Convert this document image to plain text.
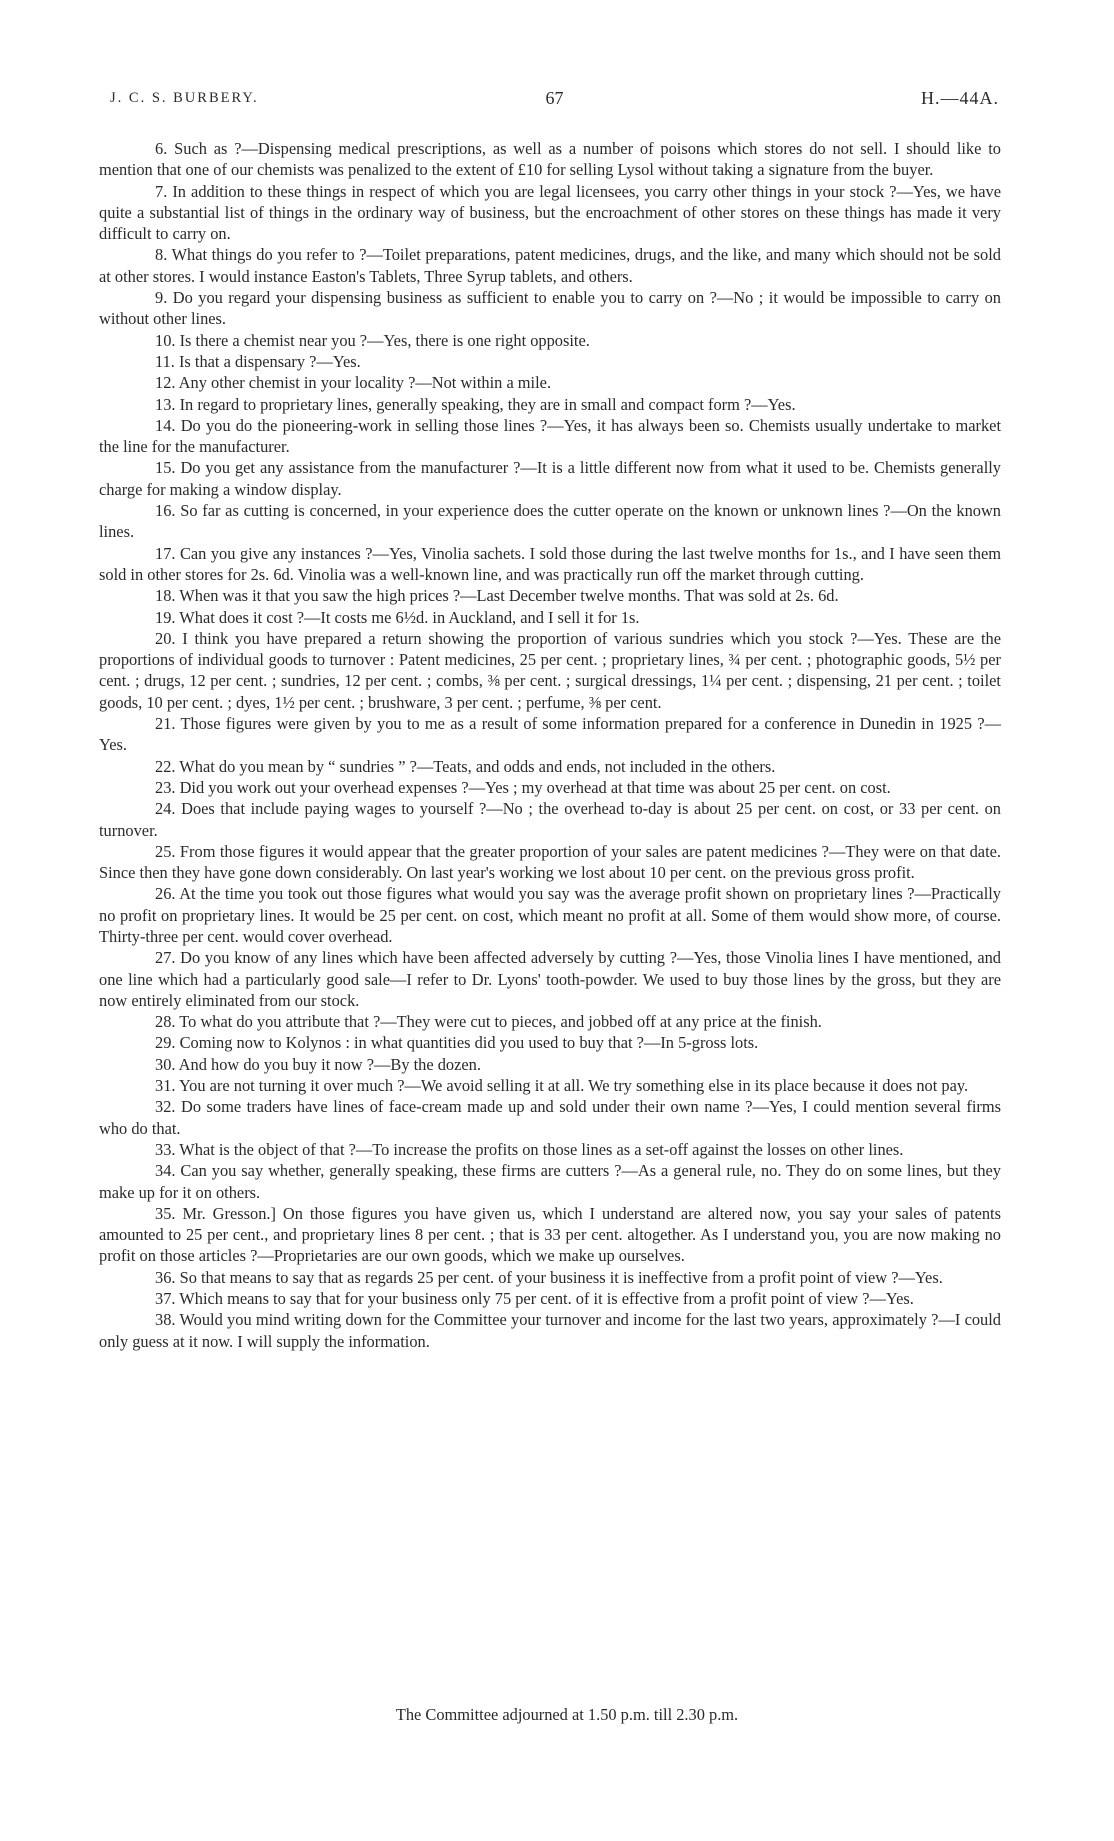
J. C. S. BURBERY.	67	H.—44A.

6. Such as ?—Dispensing medical prescriptions, as well as a number of poisons which stores do not sell. I should like to mention that one of our chemists was penalized to the extent of £10 for selling Lysol without taking a signature from the buyer.

7. In addition to these things in respect of which you are legal licensees, you carry other things in your stock ?—Yes, we have quite a substantial list of things in the ordinary way of business, but the encroachment of other stores on these things has made it very difficult to carry on.

8. What things do you refer to ?—Toilet preparations, patent medicines, drugs, and the like, and many which should not be sold at other stores. I would instance Easton's Tablets, Three Syrup tablets, and others.

9. Do you regard your dispensing business as sufficient to enable you to carry on ?—No ; it would be impossible to carry on without other lines.

10. Is there a chemist near you ?—Yes, there is one right opposite.

11. Is that a dispensary ?—Yes.

12. Any other chemist in your locality ?—Not within a mile.

13. In regard to proprietary lines, generally speaking, they are in small and compact form ?—Yes.

14. Do you do the pioneering-work in selling those lines ?—Yes, it has always been so. Chemists usually undertake to market the line for the manufacturer.

15. Do you get any assistance from the manufacturer ?—It is a little different now from what it used to be. Chemists generally charge for making a window display.

16. So far as cutting is concerned, in your experience does the cutter operate on the known or unknown lines ?—On the known lines.

17. Can you give any instances ?—Yes, Vinolia sachets. I sold those during the last twelve months for 1s., and I have seen them sold in other stores for 2s. 6d. Vinolia was a well-known line, and was practically run off the market through cutting.

18. When was it that you saw the high prices ?—Last December twelve months. That was sold at 2s. 6d.

19. What does it cost ?—It costs me 6½d. in Auckland, and I sell it for 1s.

20. I think you have prepared a return showing the proportion of various sundries which you stock ?—Yes. These are the proportions of individual goods to turnover : Patent medicines, 25 per cent. ; proprietary lines, ¾ per cent. ; photographic goods, 5½ per cent. ; drugs, 12 per cent. ; sundries, 12 per cent. ; combs, ⅜ per cent. ; surgical dressings, 1¼ per cent. ; dispensing, 21 per cent. ; toilet goods, 10 per cent. ; dyes, 1½ per cent. ; brushware, 3 per cent. ; perfume, ⅜ per cent.

21. Those figures were given by you to me as a result of some information prepared for a conference in Dunedin in 1925 ?—Yes.

22. What do you mean by “ sundries ” ?—Teats, and odds and ends, not included in the others.

23. Did you work out your overhead expenses ?—Yes ; my overhead at that time was about 25 per cent. on cost.

24. Does that include paying wages to yourself ?—No ; the overhead to-day is about 25 per cent. on cost, or 33 per cent. on turnover.

25. From those figures it would appear that the greater proportion of your sales are patent medicines ?—They were on that date. Since then they have gone down considerably. On last year's working we lost about 10 per cent. on the previous gross profit.

26. At the time you took out those figures what would you say was the average profit shown on proprietary lines ?—Practically no profit on proprietary lines. It would be 25 per cent. on cost, which meant no profit at all. Some of them would show more, of course. Thirty-three per cent. would cover overhead.

27. Do you know of any lines which have been affected adversely by cutting ?—Yes, those Vinolia lines I have mentioned, and one line which had a particularly good sale—I refer to Dr. Lyons' tooth-powder. We used to buy those lines by the gross, but they are now entirely eliminated from our stock.

28. To what do you attribute that ?—They were cut to pieces, and jobbed off at any price at the finish.

29. Coming now to Kolynos : in what quantities did you used to buy that ?—In 5-gross lots.

30. And how do you buy it now ?—By the dozen.

31. You are not turning it over much ?—We avoid selling it at all. We try something else in its place because it does not pay.

32. Do some traders have lines of face-cream made up and sold under their own name ?—Yes, I could mention several firms who do that.

33. What is the object of that ?—To increase the profits on those lines as a set-off against the losses on other lines.

34. Can you say whether, generally speaking, these firms are cutters ?—As a general rule, no. They do on some lines, but they make up for it on others.

35. Mr. Gresson.] On those figures you have given us, which I understand are altered now, you say your sales of patents amounted to 25 per cent., and proprietary lines 8 per cent. ; that is 33 per cent. altogether. As I understand you, you are now making no profit on those articles ?—Proprietaries are our own goods, which we make up ourselves.

36. So that means to say that as regards 25 per cent. of your business it is ineffective from a profit point of view ?—Yes.

37. Which means to say that for your business only 75 per cent. of it is effective from a profit point of view ?—Yes.

38. Would you mind writing down for the Committee your turnover and income for the last two years, approximately ?—I could only guess at it now. I will supply the information.

The Committee adjourned at 1.50 p.m. till 2.30 p.m.
